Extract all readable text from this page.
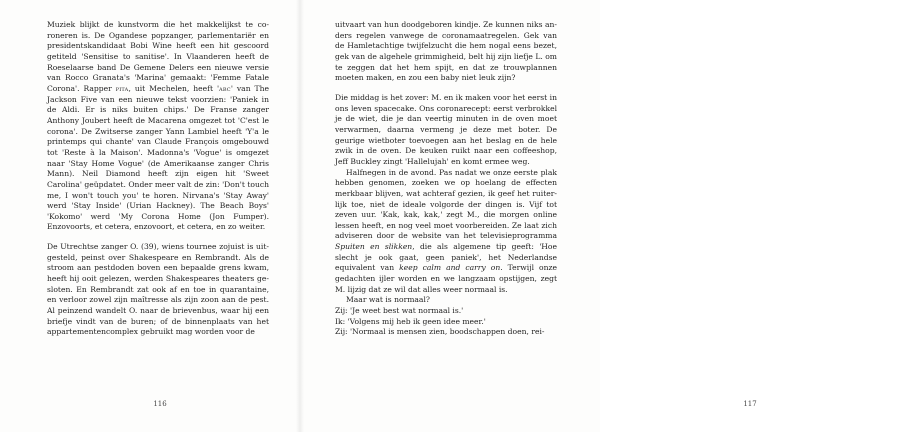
Muziek blijkt de kunstvorm die het makkelijkst te coroneren is. De Ogandese popzanger, parlementariër en presidentskandidaat Bobi Wine heeft een hit gescoord getiteld 'Sensitise to sanitise'. In Vlaanderen heeft de Roeselaarse band De Gemene Delers een nieuwe versie van Rocco Granata's 'Marina' gemaakt: 'Femme Fatale Corona'. Rapper pita, uit Mechelen, heeft 'abc' van The Jackson Five van een nieuwe tekst voorzien: 'Paniek in de Aldi. Er is niks buiten chips.' De Franse zanger Anthony Joubert heeft de Macarena omgezet tot 'C'est le corona'. De Zwitserse zanger Yann Lambiel heeft 'Y'a le printemps qui chante' van Claude François omgebouwd tot 'Reste à la Maison'. Madonna's 'Vogue' is omgezet naar 'Stay Home Vogue' (de Amerikaanse zanger Chris Mann). Neil Diamond heeft zijn eigen hit 'Sweet Carolina' geüpdatet. Onder meer valt de zin: 'Don't touch me, I won't touch you' te horen. Nirvana's 'Stay Away' werd 'Stay Inside' (Urian Hackney). The Beach Boys' 'Kokomo' werd 'My Corona Home (Jon Fumper). Enzovoorts, et cetera, enzovoort, et cetera, en zo weiter.

De Utrechtse zanger O. (39), wiens tournee zojuist is uitgesteld, peinst over Shakespeare en Rembrandt. Als de stroom aan pestdoden boven een bepaalde grens kwam, heeft hij ooit gelezen, werden Shakespeares theaters gesloten. En Rembrandt zat ook af en toe in quarantaine, en verloor zowel zijn maîtresse als zijn zoon aan de pest. Al peinzend wandelt O. naar de brievenbus, waar hij een briefje vindt van de buren; of de binnenplaats van het appartementencomplex gebruikt mag worden voor de

116

uitvaart van hun doodgeboren kindje. Ze kunnen niks anders regelen vanwege de coronamaatregelen. Gek van de Hamletachtige twijfelzucht die hem nogal eens bezet, gek van de algehele grimmigheid, belt hij zijn liefje L. om te zeggen dat het hem spijt, en dat ze trouwplannen moeten maken, en zou een baby niet leuk zijn?

Die middag is het zover: M. en ik maken voor het eerst in ons leven spacecake. Ons coronarecept: eerst verbrokkel je de wiet, die je dan veertig minuten in de oven moet verwarmen, daarna vermeng je deze met boter. De geurige wietboter toevoegen aan het beslag en de hele zwik in de oven. De keuken ruikt naar een coffeeshop, Jeff Buckley zingt 'Hallelujah' en komt ermee weg.

Halfnegen in de avond. Pas nadat we onze eerste plak hebben genomen, zoeken we op hoelang de effecten merkbaar blijven, wat achteraf gezien, ik geef het ruiterlijk toe, niet de ideale volgorde der dingen is. Vijf tot zeven uur. 'Kak, kak, kak,' zegt M., die morgen online lessen heeft, en nog veel moet voorbereiden. Ze laat zich adviseren door de website van het televisieprogramma Spuiten en slikken, die als algemene tip geeft: 'Hoe slecht je ook gaat, geen paniek', het Nederlandse equivalent van keep calm and carry on. Terwijl onze gedachten ijler worden en we langzaam opstijgen, zegt M. lijzig dat ze wil dat alles weer normaal is.

Maar wat is normaal?

Zij: 'Je weet best wat normaal is.'

Ik: 'Volgens mij heb ik geen idee meer.'

Zij: 'Normaal is mensen zien, boodschappen doen, rei-

117
